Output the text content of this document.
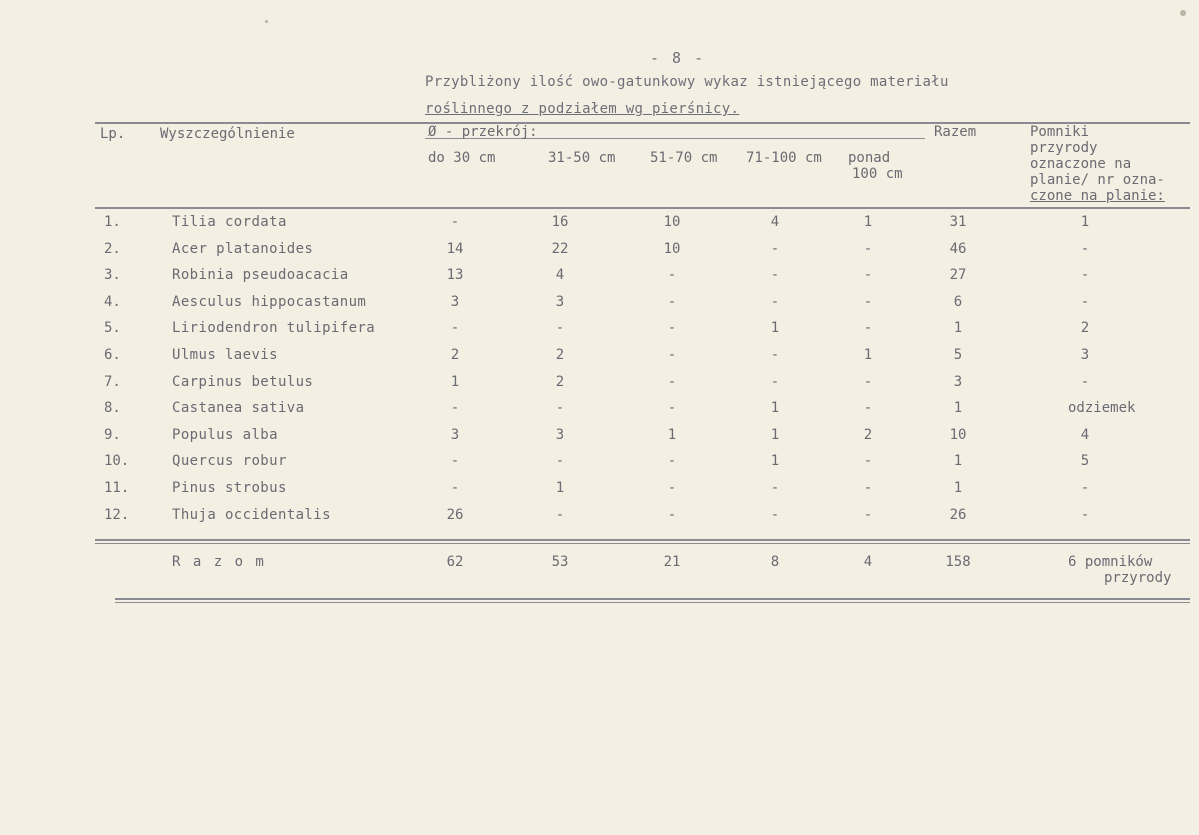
- 8 -
Przybliżony ilość owo-gatunkowy wykaz istniejącego materiału
roślinnego z podziałem wg pierśnicy.
Lp. Wyszczególnienie	Ø - przekrój:
do 30 cm	31-50 cm 51-70 cm 71-100 cm ponad
100 cm
Razem	Pomniki
przyrody
oznaczone na
planie/ nr ozna-
czone na planie:
1.	Tilia cordata	-	16	10	4	1	31	1
2.	Acer platanoides	14	22	10	-	-	46	-
3.	Robinia pseudoacacia	13	4	-	-	-	27	-
4.	Aesculus hippocastanum	3	3	-	-	-	6	-
5.	Liriodendron tulipifera	-	-	-	1	-	1	2
6.	Ulmus laevis	2	2	-	-	1	5	3
7.	Carpinus betulus	1	2	-	-	-	3	-
8.	Castanea sativa	-	-	-	1	-	1	odziemek
9.	Populus alba	3	3	1	1	2	10	4
10.	Quercus robur	-	-	-	1	-	1	5
11.	Pinus strobus	-	1	-	-	-	1	-
12.	Thuja occidentalis	26	-	-	-	-	26	-
R a z o m	62	53	21	8	4	158	6 pomników
przyrody
